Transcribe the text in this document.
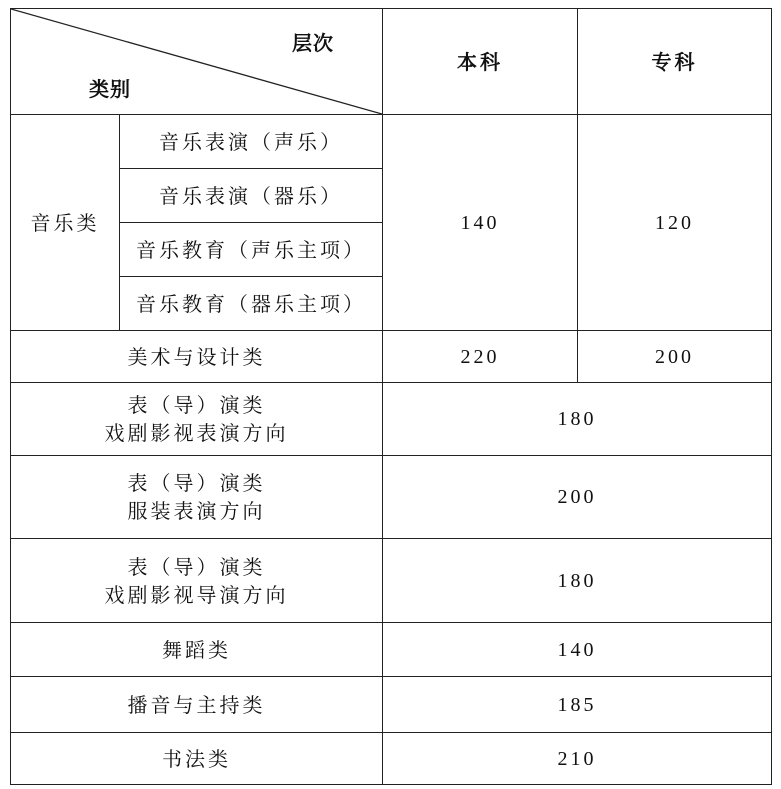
层次
类别		本科	专科
音乐类	音乐表演（声乐）	140	120
	音乐表演（器乐）		
	音乐教育（声乐主项）		
	音乐教育（器乐主项）		
美术与设计类		220	200

表（导）演类
戏剧影视表演方向		180	

表（导）演类
服装表演方向		200	

表（导）演类
戏剧影视导演方向		180	
舞蹈类		140	
播音与主持类		185	
书法类		210	
